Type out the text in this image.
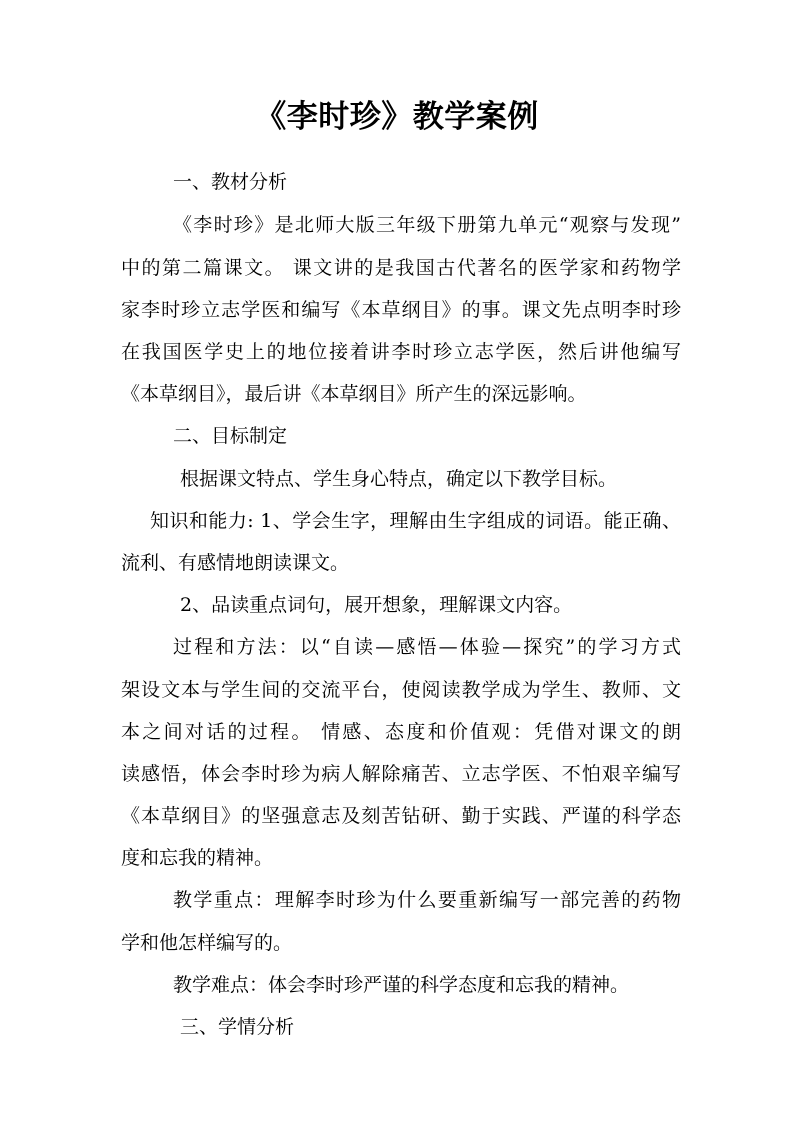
《李时珍》教学案例
一、教材分析
《李时珍》是北师大版三年级下册第九单元“观察与发现”
中的第二篇课文。 课文讲的是我国古代著名的医学家和药物学
家李时珍立志学医和编写《本草纲目》的事。课文先点明李时珍
在我国医学史上的地位接着讲李时珍立志学医，然后讲他编写
《本草纲目》，最后讲《本草纲目》所产生的深远影响。
二、目标制定
根据课文特点、学生身心特点，确定以下教学目标。
知识和能力: 1、学会生字，理解由生字组成的词语。能正确、
流利、有感情地朗读课文。
2、品读重点词句，展开想象，理解课文内容。
过程和方法：以“自读—感悟—体验—探究”的学习方式
架设文本与学生间的交流平台，使阅读教学成为学生、教师、文
本之间对话的过程。 情感、态度和价值观：凭借对课文的朗
读感悟，体会李时珍为病人解除痛苦、立志学医、不怕艰辛编写
《本草纲目》的坚强意志及刻苦钻研、勤于实践、严谨的科学态
度和忘我的精神。
教学重点：理解李时珍为什么要重新编写一部完善的药物
学和他怎样编写的。
教学难点：体会李时珍严谨的科学态度和忘我的精神。
三、学情分析
